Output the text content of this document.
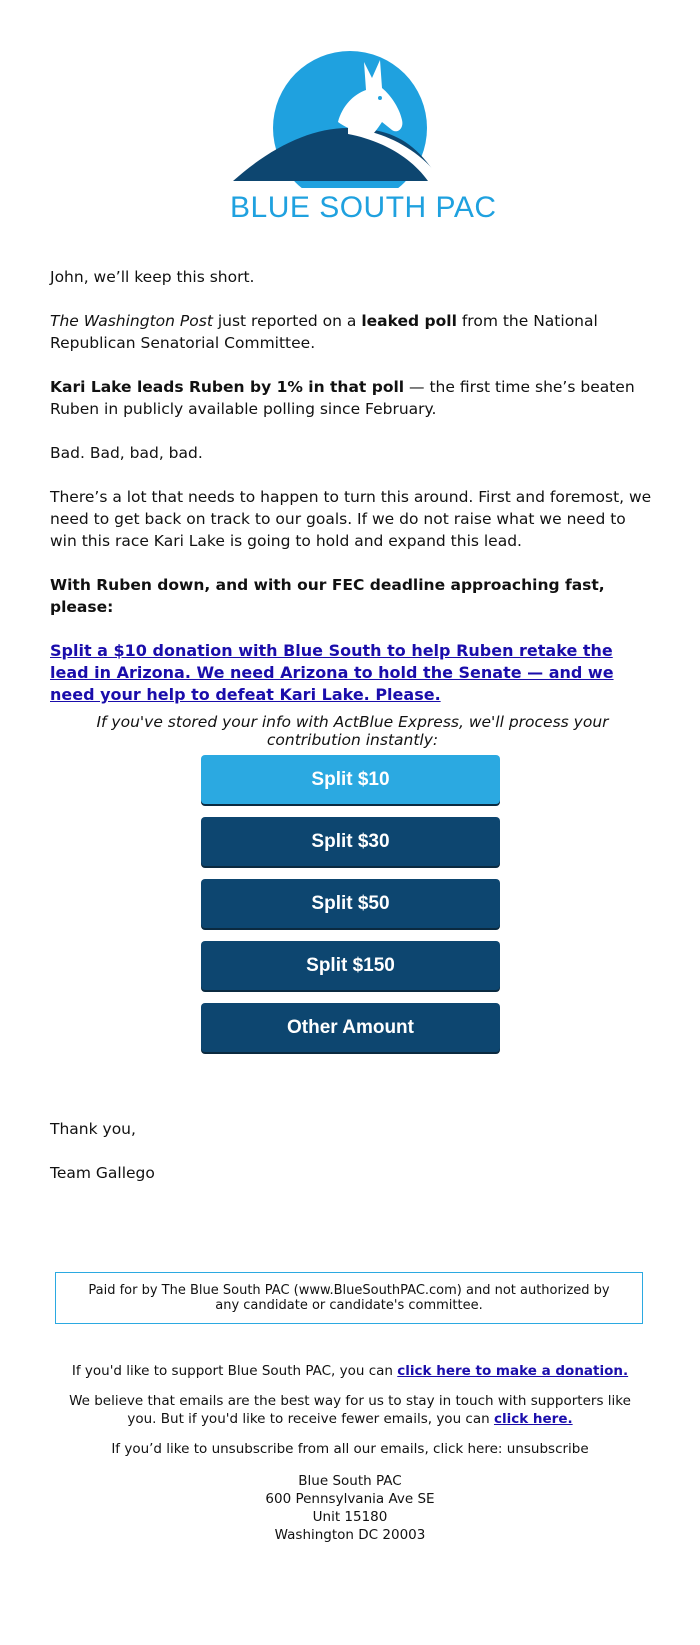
BLUE SOUTH PAC
John, we’ll keep this short.
The Washington Post just reported on a leaked poll from the National Republican Senatorial Committee.
Kari Lake leads Ruben by 1% in that poll — the first time she’s beaten Ruben in publicly available polling since February.
Bad. Bad, bad, bad.
There’s a lot that needs to happen to turn this around. First and foremost, we need to get back on track to our goals. If we do not raise what we need to win this race Kari Lake is going to hold and expand this lead.
With Ruben down, and with our FEC deadline approaching fast, please:
Split a $10 donation with Blue South to help Ruben retake the lead in Arizona. We need Arizona to hold the Senate — and we need your help to defeat Kari Lake. Please.
If you've stored your info with ActBlue Express, we'll process your contribution instantly:
Split $10
Split $30
Split $50
Split $150
Other Amount
Thank you,
Team Gallego
Paid for by The Blue South PAC (www.BlueSouthPAC.com) and not authorized by any candidate or candidate's committee.
If you'd like to support Blue South PAC, you can click here to make a donation.
We believe that emails are the best way for us to stay in touch with supporters like you. But if you'd like to receive fewer emails, you can click here.
If you’d like to unsubscribe from all our emails, click here: unsubscribe
Blue South PAC
600 Pennsylvania Ave SE
Unit 15180
Washington DC 20003
